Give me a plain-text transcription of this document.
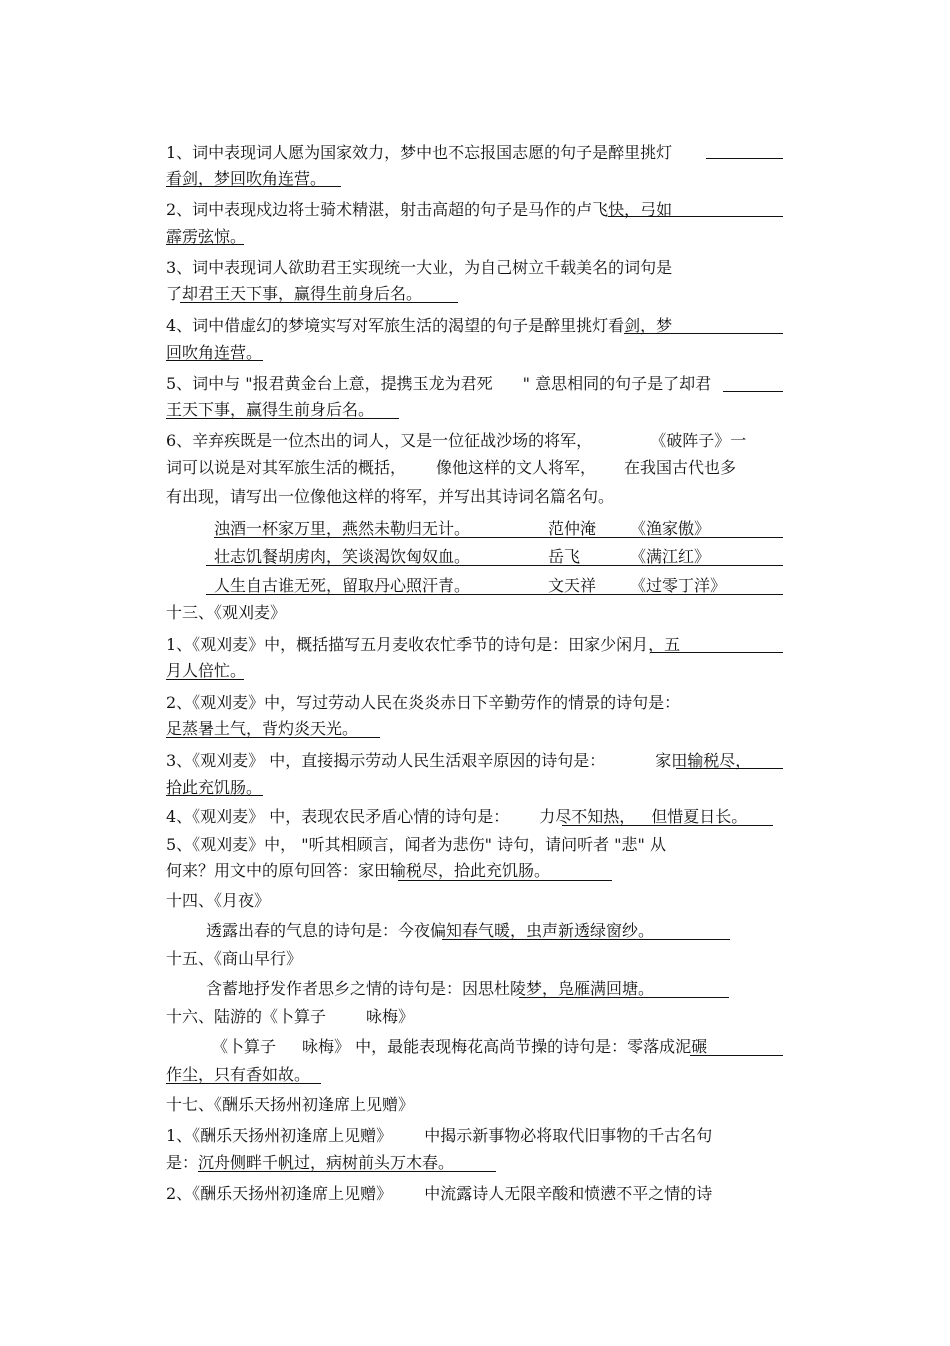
1、词中表现词人愿为国家效力，梦中也不忘报国志愿的句子是醉里挑灯
看剑，梦回吹角连营。
2、词中表现戍边将士骑术精湛，射击高超的句子是马作的卢飞快，弓如
霹雳弦惊。
3、词中表现词人欲助君王实现统一大业，为自己树立千载美名的词句是
了却君王天下事，赢得生前身后名。
4、词中借虚幻的梦境实写对军旅生活的渴望的句子是醉里挑灯看剑，梦
回吹角连营。
5、词中与 "报君黄金台上意，提携玉龙为君死 " 意思相同的句子是了却君
王天下事，赢得生前身后名。
6、辛弃疾既是一位杰出的词人，又是一位征战沙场的将军，	《破阵子》一
词可以说是对其军旅生活的概括， 像他这样的文人将军， 在我国古代也多
有出现，请写出一位像他这样的将军，并写出其诗词名篇名句。
浊酒一杯家万里，燕然未勒归无计。	范仲淹 《渔家傲》
壮志饥餐胡虏肉，笑谈渴饮匈奴血。	岳飞	《满江红》
人生自古谁无死，留取丹心照汗青。	文天祥 《过零丁洋》
十三、《观刈麦》
1、《观刈麦》中，概括描写五月麦收农忙季节的诗句是：田家少闲月，五
月人倍忙。
2、《观刈麦》中，写过劳动人民在炎炎赤日下辛勤劳作的情景的诗句是：
足蒸暑土气，背灼炎天光。
3、《观刈麦》 中，直接揭示劳动人民生活艰辛原因的诗句是：	家田输税尽，
拾此充饥肠。
4、《观刈麦》 中，表现农民矛盾心情的诗句是： 力尽不知热， 但惜夏日长。
5、《观刈麦》中， "听其相顾言，闻者为悲伤" 诗句，请问听者 "悲" 从
何来？用文中的原句回答：家田输税尽，拾此充饥肠。
十四、《月夜》
透露出春的气息的诗句是：今夜偏知春气暖，虫声新透绿窗纱。
十五、《商山早行》
含蓄地抒发作者思乡之情的诗句是：因思杜陵梦，凫雁满回塘。
十六、陆游的《卜算子	咏梅》
《卜算子 咏梅》 中，最能表现梅花高尚节操的诗句是：零落成泥碾
作尘，只有香如故。
十七、《酬乐天扬州初逢席上见赠》
1、《酬乐天扬州初逢席上见赠》 中揭示新事物必将取代旧事物的千古名句
是：沉舟侧畔千帆过，病树前头万木春。
2、《酬乐天扬州初逢席上见赠》 中流露诗人无限辛酸和愤懑不平之情的诗
